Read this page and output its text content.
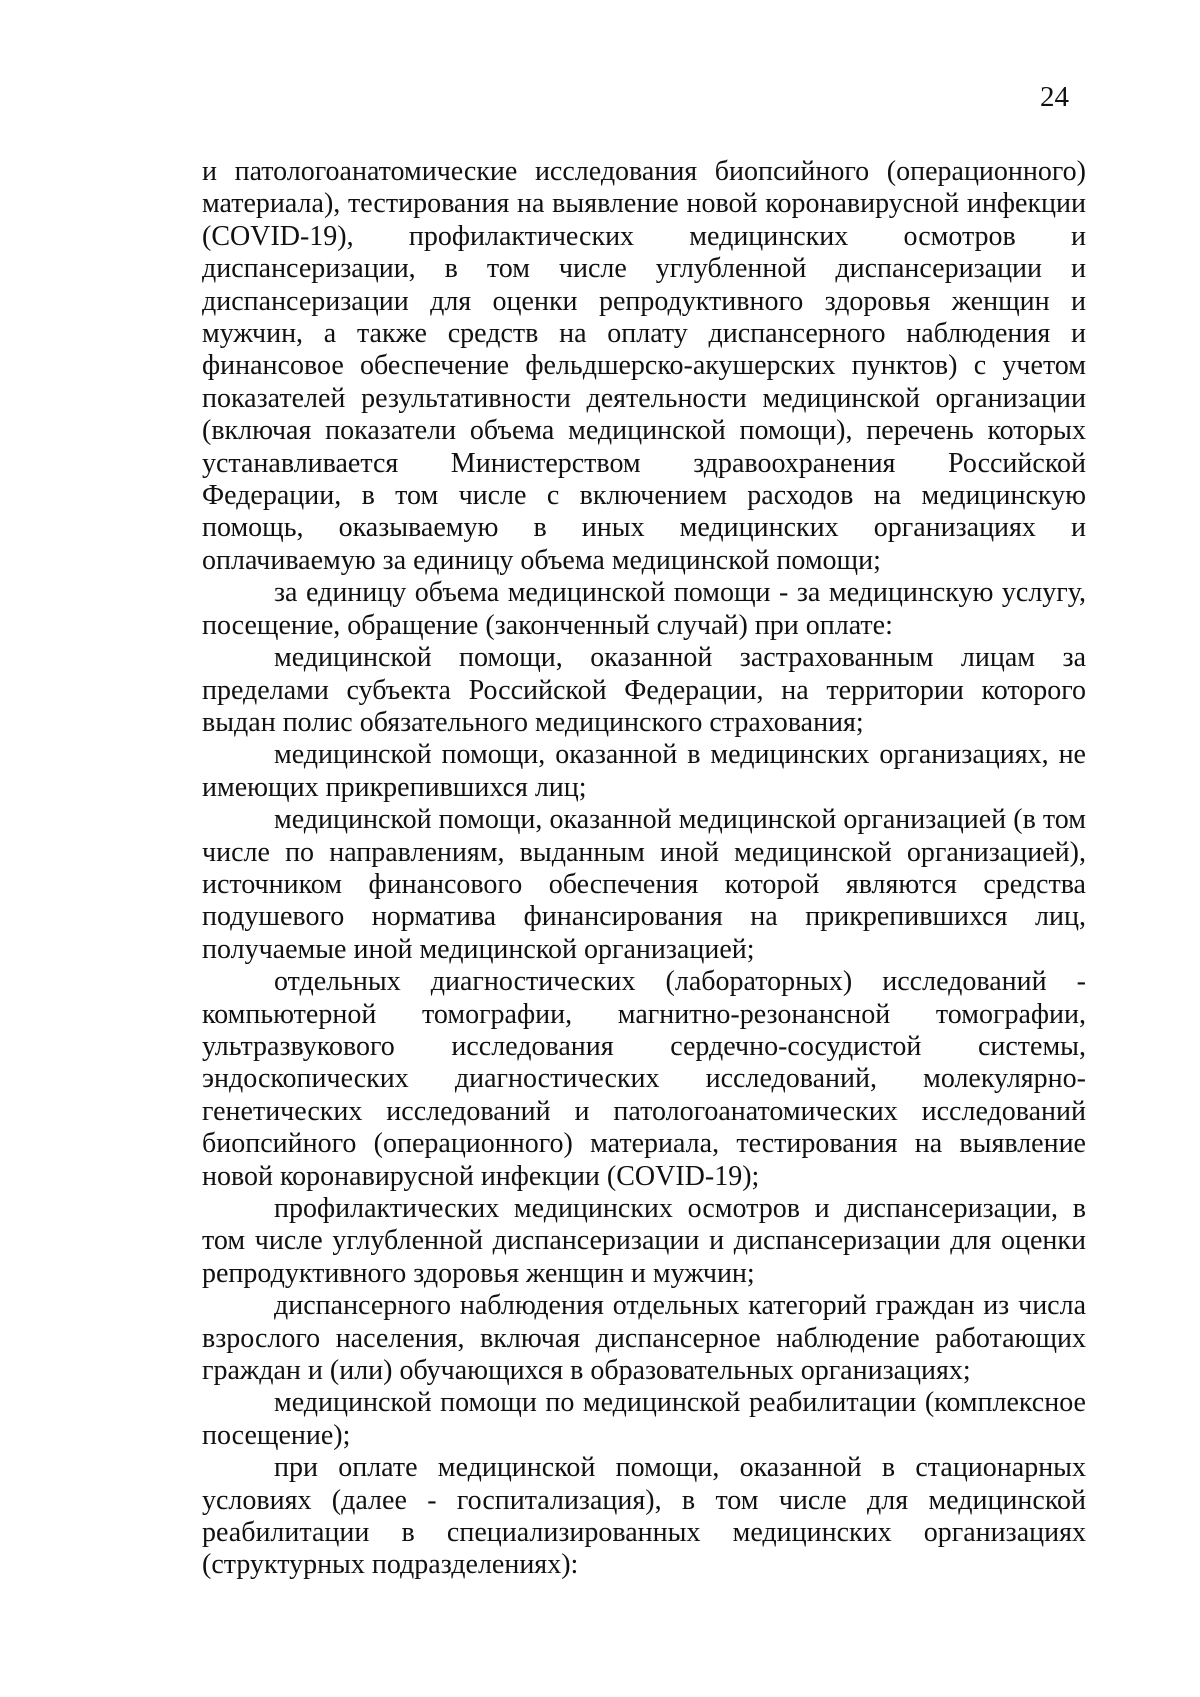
24

и патологоанатомические исследования биопсийного (операционного) материала), тестирования на выявление новой коронавирусной инфекции (COVID-19), профилактических медицинских осмотров и диспансеризации, в том числе углубленной диспансеризации и диспансеризации для оценки репродуктивного здоровья женщин и мужчин, а также средств на оплату диспансерного наблюдения и финансовое обеспечение фельдшерско-акушерских пунктов) с учетом показателей результативности деятельности медицинской организации (включая показатели объема медицинской помощи), перечень которых устанавливается Министерством здравоохранения Российской Федерации, в том числе с включением расходов на медицинскую помощь, оказываемую в иных медицинских организациях и оплачиваемую за единицу объема медицинской помощи;

за единицу объема медицинской помощи - за медицинскую услугу, посещение, обращение (законченный случай) при оплате:

медицинской помощи, оказанной застрахованным лицам за пределами субъекта Российской Федерации, на территории которого выдан полис обязательного медицинского страхования;

медицинской помощи, оказанной в медицинских организациях, не имеющих прикрепившихся лиц;

медицинской помощи, оказанной медицинской организацией (в том числе по направлениям, выданным иной медицинской организацией), источником финансового обеспечения которой являются средства подушевого норматива финансирования на прикрепившихся лиц, получаемые иной медицинской организацией;

отдельных диагностических (лабораторных) исследований - компьютерной томографии, магнитно-резонансной томографии, ультразвукового исследования сердечно-сосудистой системы, эндоскопических диагностических исследований, молекулярно-генетических исследований и патологоанатомических исследований биопсийного (операционного) материала, тестирования на выявление новой коронавирусной инфекции (COVID-19);

профилактических медицинских осмотров и диспансеризации, в том числе углубленной диспансеризации и диспансеризации для оценки репродуктивного здоровья женщин и мужчин;

диспансерного наблюдения отдельных категорий граждан из числа взрослого населения, включая диспансерное наблюдение работающих граждан и (или) обучающихся в образовательных организациях;

медицинской помощи по медицинской реабилитации (комплексное посещение);

при оплате медицинской помощи, оказанной в стационарных условиях (далее - госпитализация), в том числе для медицинской реабилитации в специализированных медицинских организациях (структурных подразделениях):
